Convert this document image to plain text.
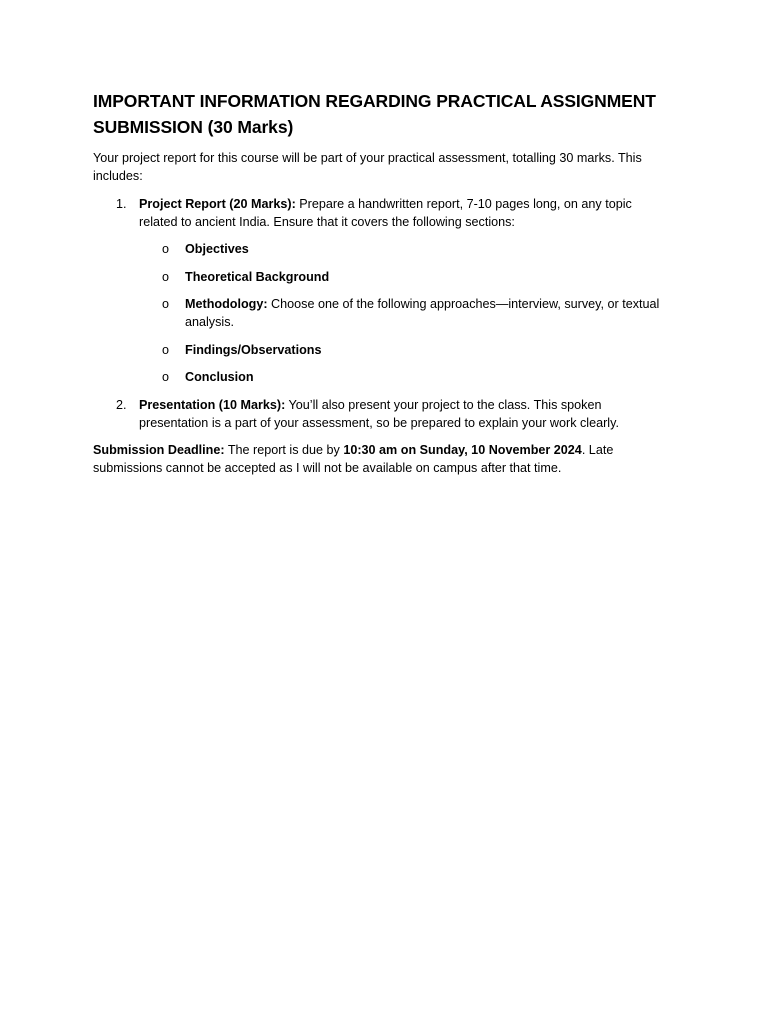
IMPORTANT INFORMATION REGARDING PRACTICAL ASSIGNMENT SUBMISSION (30 Marks)

Your project report for this course will be part of your practical assessment, totalling 30 marks. This includes:

1. Project Report (20 Marks): Prepare a handwritten report, 7-10 pages long, on any topic related to ancient India. Ensure that it covers the following sections:
o Objectives
o Theoretical Background
o Methodology: Choose one of the following approaches—interview, survey, or textual analysis.
o Findings/Observations
o Conclusion
2. Presentation (10 Marks): You’ll also present your project to the class. This spoken presentation is a part of your assessment, so be prepared to explain your work clearly.

Submission Deadline: The report is due by 10:30 am on Sunday, 10 November 2024. Late submissions cannot be accepted as I will not be available on campus after that time.
